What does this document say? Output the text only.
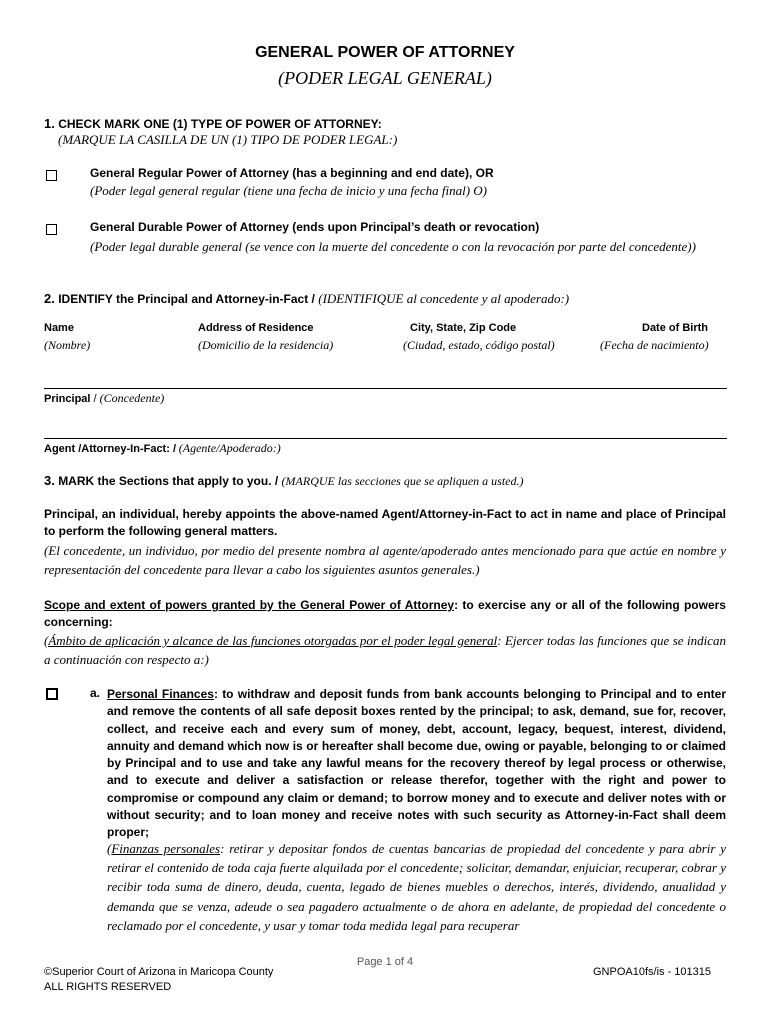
GENERAL POWER OF ATTORNEY
(PODER LEGAL GENERAL)
1. CHECK MARK ONE (1) TYPE OF POWER OF ATTORNEY:
(MARQUE LA CASILLA DE UN (1) TIPO DE PODER LEGAL:)
General Regular Power of Attorney (has a beginning and end date), OR
(Poder legal general regular (tiene una fecha de inicio y una fecha final) O)
General Durable Power of Attorney (ends upon Principal’s death or revocation)
(Poder legal durable general (se vence con la muerte del concedente o con la revocación por parte del concedente))
2. IDENTIFY the Principal and Attorney-in-Fact / (IDENTIFIQUE al concedente y al apoderado:)
Name
(Nombre)
Address of Residence
(Domicilio de la residencia)
City, State, Zip Code
(Ciudad, estado, código postal)
Date of Birth
(Fecha de nacimiento)
Principal / (Concedente)
Agent /Attorney-In-Fact: / (Agente/Apoderado:)
3. MARK the Sections that apply to you. / (MARQUE las secciones que se apliquen a usted.)
Principal, an individual, hereby appoints the above-named Agent/Attorney-in-Fact to act in name and place of Principal to perform the following general matters.
(El concedente, un individuo, por medio del presente nombra al agente/apoderado antes mencionado para que actúe en nombre y representación del concedente para llevar a cabo los siguientes asuntos generales.)
Scope and extent of powers granted by the General Power of Attorney: to exercise any or all of the following powers concerning:
(Ámbito de aplicación y alcance de las funciones otorgadas por el poder legal general: Ejercer todas las funciones que se indican a continuación con respecto a:)
a. Personal Finances: to withdraw and deposit funds from bank accounts belonging to Principal and to enter and remove the contents of all safe deposit boxes rented by the principal; to ask, demand, sue for, recover, collect, and receive each and every sum of money, debt, account, legacy, bequest, interest, dividend, annuity and demand which now is or hereafter shall become due, owing or payable, belonging to or claimed by Principal and to use and take any lawful means for the recovery thereof by legal process or otherwise, and to execute and deliver a satisfaction or release therefor, together with the right and power to compromise or compound any claim or demand; to borrow money and to execute and deliver notes with or without security; and to loan money and receive notes with such security as Attorney-in-Fact shall deem proper;
(Finanzas personales: retirar y depositar fondos de cuentas bancarias de propiedad del concedente y para abrir y retirar el contenido de toda caja fuerte alquilada por el concedente; solicitar, demandar, enjuiciar, recuperar, cobrar y recibir toda suma de dinero, deuda, cuenta, legado de bienes muebles o derechos, interés, dividendo, anualidad y demanda que se venza, adeude o sea pagadero actualmente o de ahora en adelante, de propiedad del concedente o reclamado por el concedente, y usar y tomar toda medida legal para recuperar
Page 1 of 4
©Superior Court of Arizona in Maricopa County
ALL RIGHTS RESERVED
GNPOA10fs/is - 101315
